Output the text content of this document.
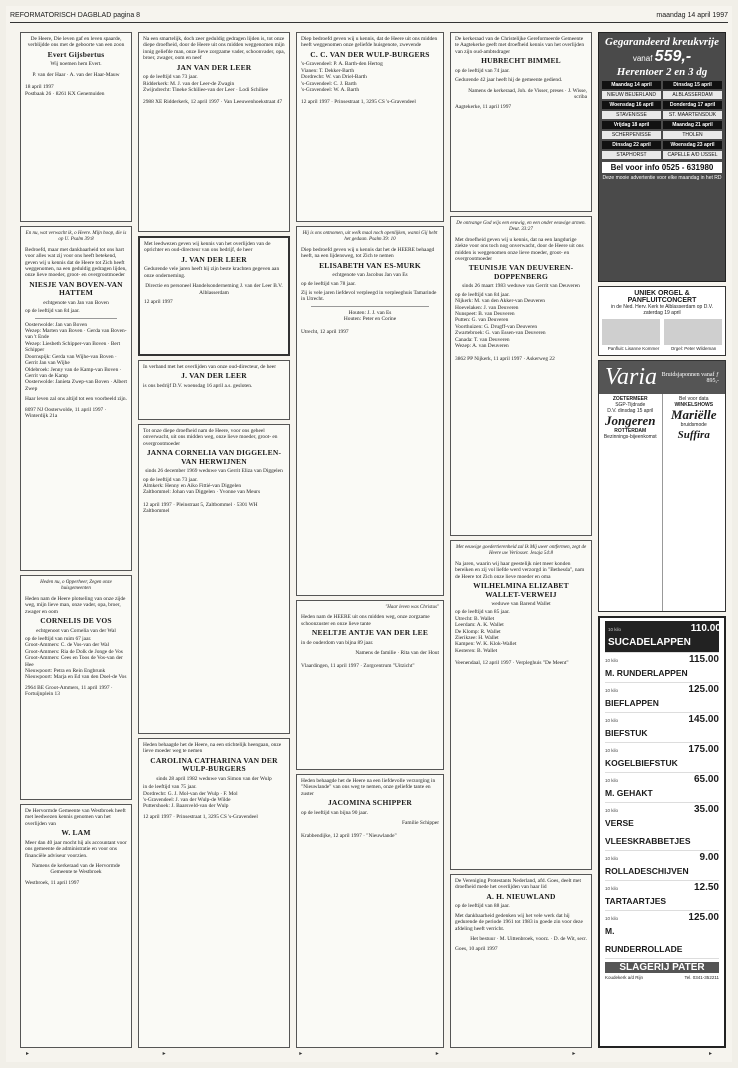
REFORMATORISCH DAGBLAD pagina 8	maandag 14 april 1997
De Heere, Die leven gaf en leven spaarde, verblijdde ons met de geboorte van een zoon
Evert Gijsbertus
Wij noemen hem Evert.
P. van der Haar · A. van der Haar-Mauw
18 april 1997
Postbaak 26 · 8261 KX Genemuiden
En nu, wat verwacht ik, o Heere. Mijn hoop, die is op U. Psalm 39:8
Bedroefd, maar met dankbaarheid tot ons hart voor alles wat zij voor ons heeft betekend, geven wij u kennis dat de Heere tot Zich heeft weggenomen, na een geduldig gedragen lijden, onze lieve moeder, groot- en overgrootmoeder
NIESJE VAN BOVEN-VAN HATTEM
echtgenote van Jan van Boven
op de leeftijd van 84 jaar.
Oosterwolde: Jan van Boven
Wezep: Marten van Boven · Gerda van Boven-van 't Ende
Wezep: Liesbeth Schipper-van Boven · Bert Schipper
Doornspijk: Gerda van Wijhe-van Boven · Gerrit Jan van Wijhe
Oldebroek: Jenny van de Kamp-van Boven · Gerrit van de Kamp
Oosterwolde: Janieta Zwep-van Boven · Albert Zwep
Haar leven zal ons altijd tot een voorbeeld zijn.
8097 NJ Oosterwolde, 11 april 1997 · Winterdijk 21a
Heden nu, o Opperheer, Zegen onze huisgemeenten
Heden nam de Heere plotseling van onze zijde weg, mijn lieve man, onze vader, opa, broer, zwager en oom
CORNELIS DE VOS
echtgenoot van Cornelia van der Wal
op de leeftijd van ruim 67 jaar.
Groot-Ammers: C. de Vos-van der Wal
Groot-Ammers: Ria de Dolk de Jonge de Vos
Groot-Ammers: Cees en Toos de Vos-van der Hee
Nieuwpoort: Petra en Rein Engbrunk
Nieuwpoort: Marja en Ed van den Doel-de Vos
2964 BE Groot-Ammers, 11 april 1997 · Fortuijnplein 13
De Hervormde Gemeente van Westbroek heeft met leedwezen kennis genomen van het overlijden van
W. LAM
Meer dan 40 jaar mocht hij als accountant voor ons gemeente de administratie en voor ons financiële adviseur voorzien.
Namens de kerkeraad van de Hervormde Gemeente te Westbroek
Westbroek, 11 april 1997
Na een smartelijk, doch zeer geduldig gedragen lijden is, tot onze diepe droefheid, door de Heere uit ons midden weggenomen mijn innig geliefde man, onze lieve zorgzame vader, schoonvader, opa, broer, zwager, oom en neef
JAN VAN DER LEER
op de leeftijd van 73 jaar.
Ridderkerk: M. J. van der Leer-de Zwagin
Zwijndrecht: Tineke Schiliee-van der Leer · Lodi Schiliee
2988 XE Ridderkerk, 12 april 1997 · Van Leeuwenhoekstraat 47
Met leedwezen geven wij kennis van het overlijden van de oprichter en oud-directeur van ons bedrijf, de heer
J. VAN DER LEER
Gedurende vele jaren heeft hij zijn beste krachten gegeven aan onze onderneming.
Directie en personeel Handelsonderneming J. van der Leer B.V. Alblasserdam
12 april 1997
In verband met het overlijden van onze oud-directeur, de heer
J. VAN DER LEER
is ons bedrijf D.V. woensdag 16 april a.s. gesloten.
Tot onze diepe droefheid nam de Heere, voor ons geheel onverwacht, uit ons midden weg, onze lieve moeder, groot- en overgrootmoeder
JANNA CORNELIA VAN DIGGELEN-VAN HERWIJNEN
sinds 26 december 1969 weduwe van Gerrit Eliza van Diggelen
op de leeftijd van 73 jaar.
Almkerk: Henny en Aiko Fittié-van Diggelen
Zaltbommel: Johan van Diggelen · Yvonne van Meurs
12 april 1997 · Pleinstraat 5, Zaltbommel · 5301 WH Zaltbommel
Heden behaagde het de Heere, na een stichtelijk heengaan, onze lieve moeder weg te nemen
CAROLINA CATHARINA VAN DER WULP-BURGERS
sinds 28 april 1982 weduwe van Simon van der Wulp
in de leeftijd van 75 jaar.
Dordrecht: G. J. Mol-van der Wulp · F. Mol
's-Gravendeel: J. van der Wulp-de Wilde
Puttershoek: J. Baarsveld-van der Wulp
12 april 1997 · Prinsestraat 1, 3295 CS 's-Gravendeel
Diep bedroefd geven wij u kennis, dat de Heere uit ons midden heeft weggenomen onze geliefde huisgenote, zwevende
C. C. VAN DER WULP-BURGERS
's-Gravendeel: P. A. Barth-den Hertog
Vianen: T. Dekker-Barth
Dordrecht: W. van Driel-Barth
's-Gravendeel: C. J. Barth
's-Gravendeel: W. A. Barth
12 april 1997 · Prinsestraat 1, 3295 CS 's-Gravendeel
Hij is ons ontnomen, uit welk maal noch openlijken, wanni Gij hebt het gedaan. Psalm 39: 10
Diep bedroefd geven wij u kennis dat het de HEERE behaagd heeft, na een lijdensweg, tot Zich te nemen
ELISABETH VAN ES-MURK
echtgenote van Jacobus Jan van Es
op de leeftijd van 78 jaar.
Zij is vele jaren liefdevol verpleegd in verpleeghuis Tamarinde in Utrecht.
Houten: J. J. van Es
Houten: Peter en Corine
Utrecht, 12 april 1997
"Haar leven was Christus"
Heden nam de HEERE uit ons midden weg, onze zorgzame schoonzuster en onze lieve tante
NEELTJE ANTJE VAN DER LEE
in de ouderdom van bijna 89 jaar.
Namens de familie · Rita van der Hout
Vlaardingen, 11 april 1997 · Zorgcentrum "Uitzicht"
Heden behaagde het de Heere na een liefdevolle verzorging in "Nieuwlande" van ons weg te nemen, onze geliefde tante en zuster
JACOMINA SCHIPPER
op de leeftijd van bijna 90 jaar.
Familie Schipper
Krabbendijke, 12 april 1997 · "Nieuwlande"
De kerkeraad van de Christelijke Gereformeerde Gemeente te Aagtekerke geeft met droefheid kennis van het overlijden van zijn oud-ambtsdrager
HUBRECHT BIMMEL
op de leeftijd van 74 jaar.
Gedurende 42 jaar heeft hij de gemeente gediend.
Namens de kerkeraad, Joh. de Visser, preses · J. Wisse, scriba
Aagtekerke, 11 april 1997
De ontvange God wijs een eeuwig, en een onder eeuwige armen. Deut. 33:27
Met droefheid geven wij u kennis, dat na een langdurige ziekte voor ons toch nog onverwacht, door de Heere uit ons midden is weggenomen onze lieve moeder, groot- en overgrootmoeder
TEUNISJE VAN DEUVEREN-DOPPENBERG
sinds 26 maart 1983 weduwe van Gerrit van Deuveren
op de leeftijd van 84 jaar.
Nijkerk: M. van den Akker-van Deuveren
Hoevelaken: J. van Deuveren
Nunspeet: B. van Deuveren
Putten: G. van Deuveren
Voorthuizen: G. Drugff-van Deuveren
Zwartebroek: G. van Essen-van Deuveren
Canada: T. van Deuveren
Wezep: A. van Deuveren
3862 PP Nijkerk, 11 april 1997 · Askerweg 22
Met eeuwige goedertierenheid zal Ik Mij uwer ontfermen, zegt de Heere uw Verlosser. Jesaja 54:8
Na jaren, waarin wij haar geestelijk niet meer konden bereiken en zij vol liefde werd verzorgd in "Bethesda", nam de Heere tot Zich onze lieve moeder en oma
WILHELMINA ELIZABET WALLET-VERWEIJ
weduwe van Barend Wallet
op de leeftijd van 85 jaar.
Utrecht: B. Wallet
Leerdam: A. K. Wallet
De Klomp: R. Wallet
Zierikzee: H. Wallet
Kampen: W. K. Klok-Wallet
Kesteren: B. Wallet
Veenendaal, 12 april 1997 · Verpleghuis "De Meent"
De Vereniging Protestants Nederland, afd. Goes, deelt met droefheid mede het overlijden van haar lid
A. H. NIEUWLAND
op de leeftijd van 88 jaar.
Met dankbaarheid gedenken wij het vele werk dat hij gedurende de periode 1961 tot 1983 in goede zin voor deze afdeling heeft verricht.
Het bestuur · M. Uittenbroek, voorz. · D. de Wit, secr.
Goes, 10 april 1997
Gegarandeerd kreukvrije
vanaf 559,-
Herentoer 2 en 3 dg
Maandag 14 april	Dinsdag 15 april
NIEUW BEIJERLAND	ALBLASSERDAM
Woensdag 16 april	Donderdag 17 april
STAVENISSE	ST. MAARTENSDIJK
Vrijdag 18 april	Maandag 21 april
SCHERPENISSE	THOLEN
Dinsdag 22 april	Woensdag 23 april
STAPHORST	CAPELLE A/D IJSSEL
Bel voor info 0525 - 631980
Deze mooie advertentie voor elke maandag in het RD
UNIEK ORGEL & PANFLUITCONCERT
in de Ned. Herv. Kerk te Alblasserdam op D.V. zaterdag 19 april
Panfluit: Lisanne Kommer	Orgel: Peter Wildeman
Varia Bruidsjaponnen vanaf ƒ 895,-
ZOETERMEER
SGP-Tijdrade
D.V. dinsdag 15 april
Jongeren
ROTTERDAM
Bezinnings-bijeenkomst
Bel voor data
WINKELSHOWS
Mariëlle
bruidsmode
Suffira
10 kilo
SUCADELAPPEN
110.00
10 kilo
M. RUNDERLAPPEN
115.00
10 kilo
BIEFLAPPEN
125.00
10 kilo
BIEFSTUK
145.00
10 kilo
KOGELBIEFSTUK
175.00
10 kilo
M. GEHAKT
65.00
10 kilo
VERSE VLEESKRABBETJES
35.00
10 kilo
ROLLADESCHIJVEN
9.00
10 kilo
TARTAARTJES
12.50
10 kilo
M. RUNDERROLLADE
125.00
SLAGERIJ PATER
Koudekerk a/d Rijn	Tel. 0341-352211
▸	▸	▸	▸	▸	▸
